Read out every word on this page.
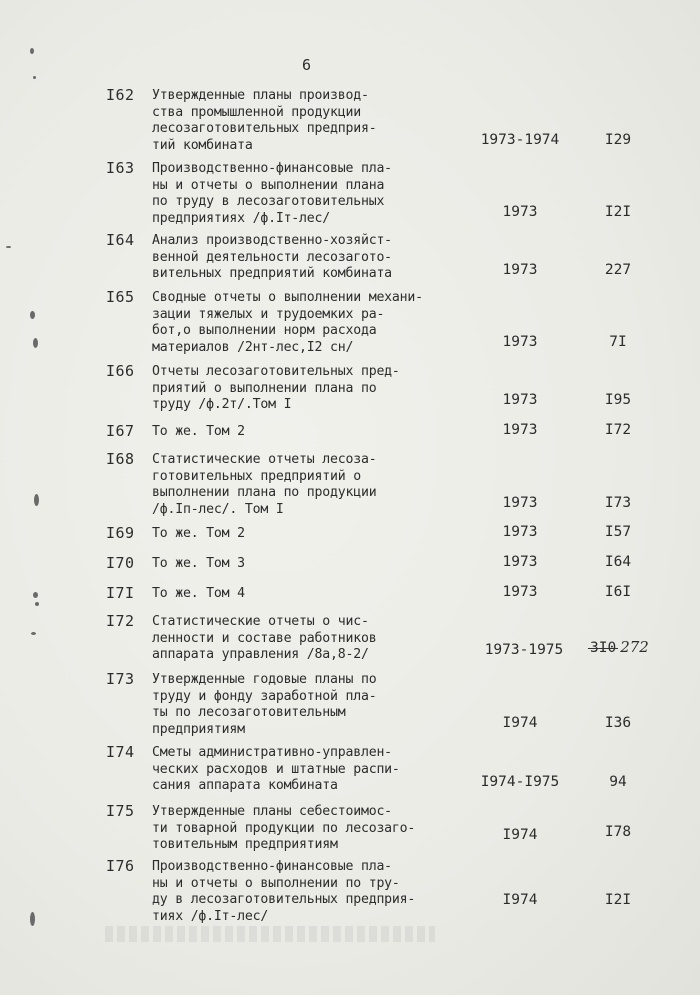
6
I62 Утвержденные планы производ-
ства промышленной продукции
лесозаготовительных предприя-
тий комбината	1973-1974	I29
I63 Производственно-финансовые пла-
ны и отчеты о выполнении плана
по труду в лесозаготовительных
предприятиях /ф.Iт-лес/	1973	I2I
I64 Анализ производственно-хозяйст-
венной деятельности лесозаготo-
вительных предприятий комбината	1973	227
I65 Сводные отчеты о выполнении механи-
зации тяжелых и трудоемких ра-
бот,о выполнении норм расхода
материалов /2нт-лес,I2 сн/	1973	7I
I66 Отчеты лесозаготовительных пред-
приятий о выполнении плана по
труду /ф.2т/.Том I	1973	I95
I67 То же. Том 2	1973	I72
I68 Статистические отчеты лесоза-
готовительных предприятий о
выполнении плана по продукции
/ф.Iп-лес/. Том I	1973	I73
I69 То же. Том 2	1973	I57
I70 То же. Том 3	1973	I64
I7I То же. Том 4	1973	I6I
I72 Статистические отчеты о чис-
ленности и составе работников
аппарата управления /8а,8-2/	1973-1975	3I0 272
I73 Утвержденные годовые планы по
труду и фонду заработной пла-
ты по лесозаготовительным
предприятиям	I974	I36
I74 Сметы административно-управлен-
ческих расходов и штатные распи-
сания аппарата комбината	I974-I975	94
I75 Утвержденные планы себестоимос-
ти товарной продукции по лесозаго-
товительным предприятиям
I974	I78
I76 Производственно-финансовые пла-
ны и отчеты о выполнении по тру-
ду в лесозаготовительных предприя-
тиях /ф.Iт-лес/
I974	I2I
